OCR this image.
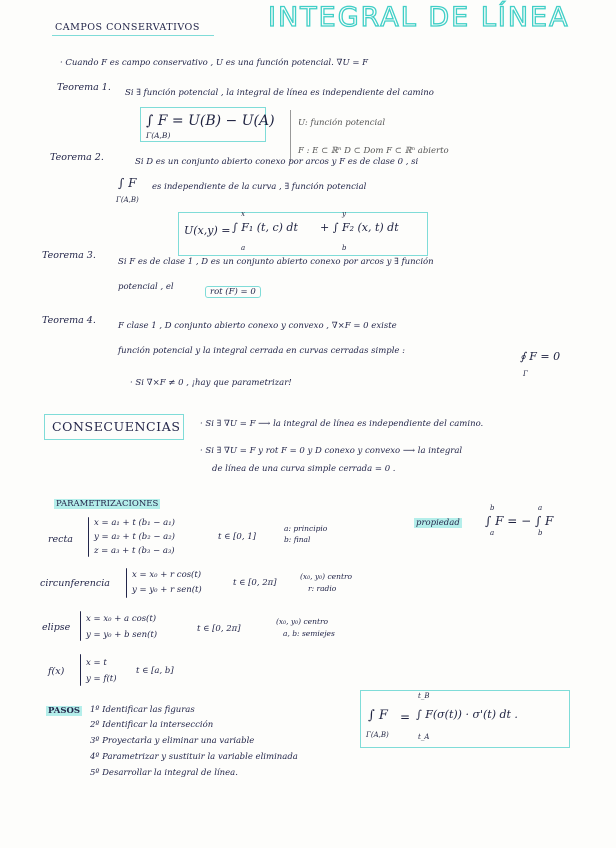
INTEGRAL DE LÍNEA
CAMPOS CONSERVATIVOS
· Cuando F es campo conservativo , U es una función potencial. ∇U = F
Teorema 1. Si ∃ función potencial , la integral de línea es independiente del camino
∫ F = U(B) − U(A)
Γ(A,B)
U: función potencial
F : E ⊂ ℝⁿ D ⊂ Dom F ⊂ ℝⁿ abierto
Teorema 2.	Si D es un conjunto abierto conexo por arcos y F es de clase 0 , si
∫ F
Γ(A,B)
es independiente de la curva , ∃ función potencial
U(x,y) = ∫ F₁ (t, c) dt + ∫ F₂ (x, t) dt
x
a
y
b
Teorema 3.
Si F es de clase 1 , D es un conjunto abierto conexo por arcos y ∃ función
potencial , el	rot (F) = 0
Teorema 4.	F clase 1 , D conjunto abierto conexo y convexo , ∇×F = 0 existe
función potencial y la integral cerrada en curvas cerradas simple :	∮ F = 0
Γ
· Si ∇×F ≠ 0 , ¡hay que parametrizar!
CONSECUENCIAS · Si ∃ ∇U = F ⟶ la integral de línea es independiente del camino.
· Si ∃ ∇U = F y rot F = 0 y D conexo y convexo ⟶ la integral
de línea de una curva simple cerrada = 0 .
PARAMETRIZACIONES
recta
x = a₁ + t (b₁ − a₁)
y = a₂ + t (b₂ − a₂)
z = a₃ + t (b₃ − a₃)
t ∈ [0, 1]
a: principio
b: final
propiedad ∫ F = − ∫ F
b
a
a
b
circunferencia
x = x₀ + r cos(t)
y = y₀ + r sen(t)
t ∈ [0, 2π]
(x₀, y₀) centro
r: radio
elipse
x = x₀ + a cos(t)
y = y₀ + b sen(t)
t ∈ [0, 2π]
(x₀, y₀) centro
a, b: semiejes
f(x)
x = t
y = f(t)
t ∈ [a, b]
PASOS 1º Identificar las figuras
2º Identificar la intersección
3º Proyectarla y eliminar una variable
4º Parametrizar y sustituir la variable eliminada
5º Desarrollar la integral de línea.
∫ F
Γ(A,B)
= ∫ F(σ(t)) · σ'(t) dt .
t_B
t_A
